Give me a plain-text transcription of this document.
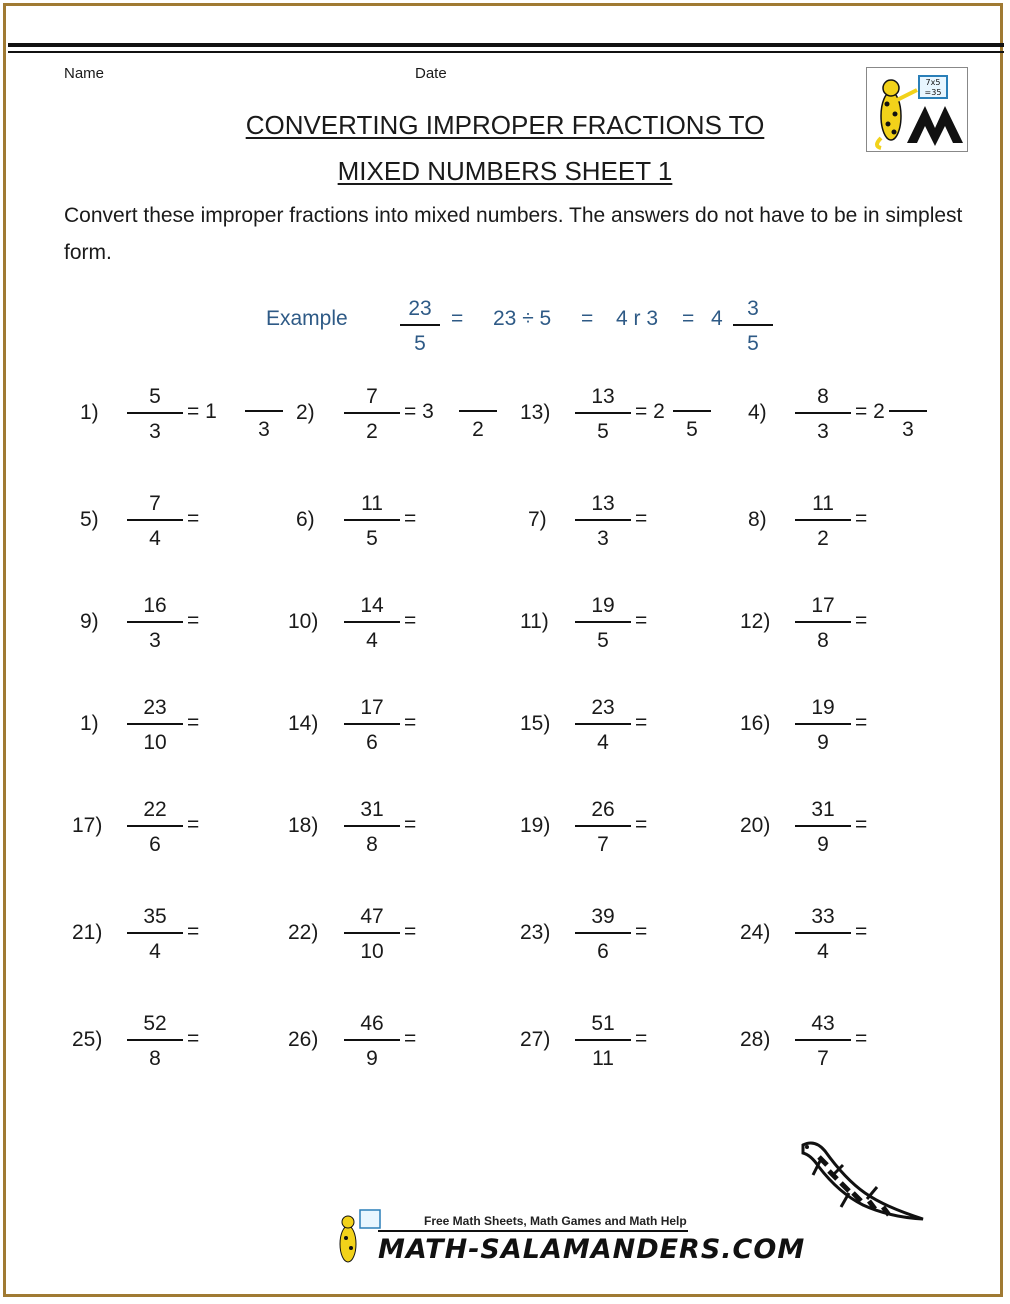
Name	Date
7x5
=35
CONVERTING IMPROPER FRACTIONS TO
MIXED NUMBERS SHEET 1
Convert these improper fractions into mixed numbers. The answers do not have to be in simplest form.
Example	23
5
= 23 ÷ 5 = 4 r 3 = 4	3
5
1)
5
3
= 1
3
2)
7
2
= 3
2
13)
13
5
= 2
5
4)
8
3
= 2
3
5)
7
4
=	6)
11
5
=	7)
13
3
=	8)
11
2
=
9)
16
3
=	10)
14
4
=	11)
19
5
=	12)
17
8
=
1)
23
10
=	14)
17
6
=	15)
23
4
=	16)
19
9
=
17)
22
6
=	18)
31
8
=	19)
26
7
=	20)
31
9
=
21)
35
4
=	22)
47
10
=	23)
39
6
=	24)
33
4
=
25)
52
8
=	26)
46
9
=	27)
51
11
=	28)
43
7
=
Free Math Sheets, Math Games and Math Help
MATH-SALAMANDERS.COM
